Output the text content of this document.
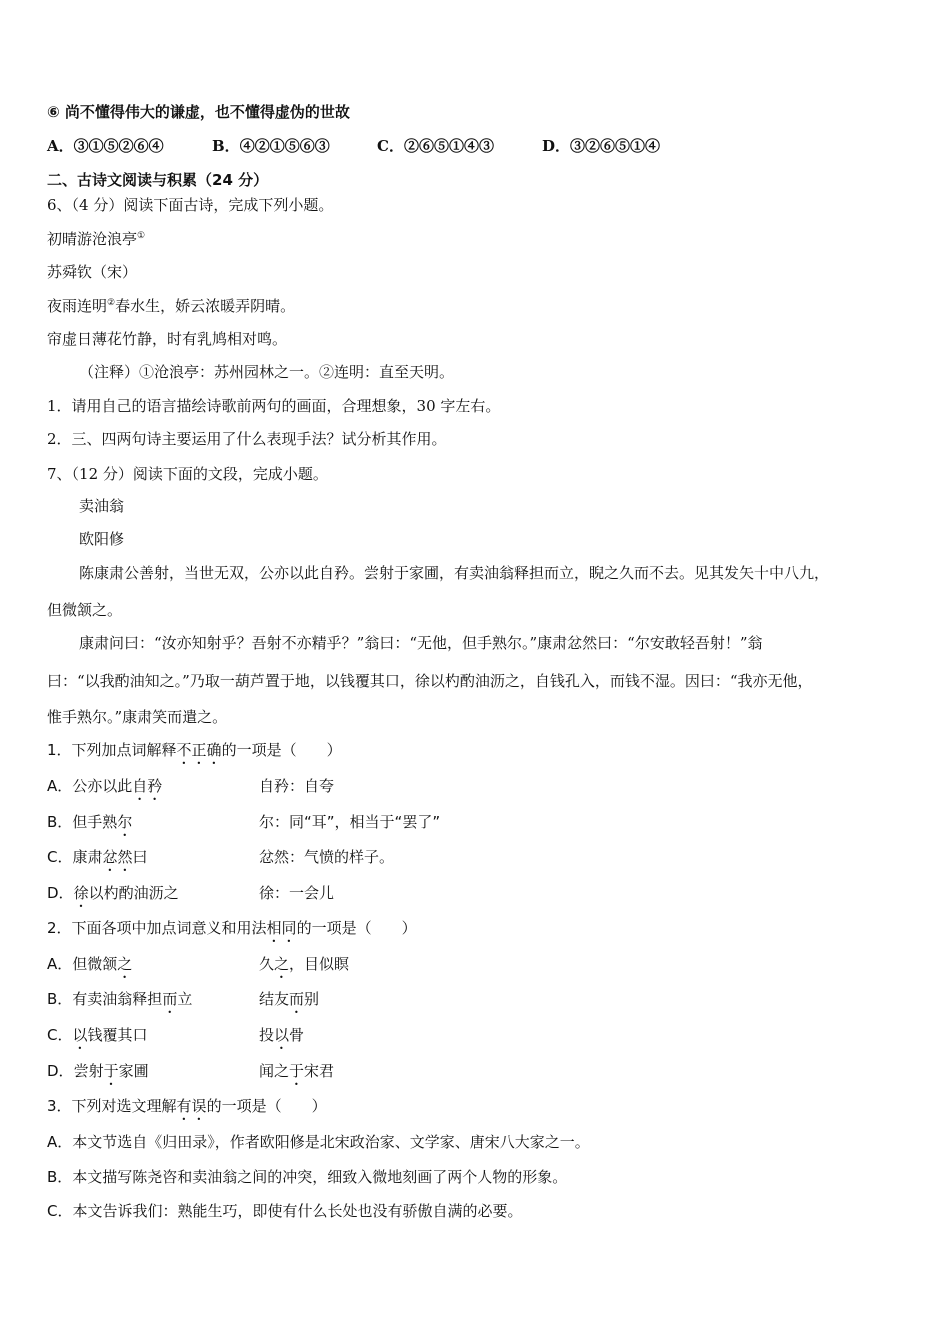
⑥ 尚不懂得伟大的谦虚，也不懂得虚伪的世故
A．③①⑤②⑥④	B．④②①⑤⑥③	C．②⑥⑤①④③	D．③②⑥⑤①④
二、古诗文阅读与积累（24 分）
6、（4 分）阅读下面古诗，完成下列小题。
初晴游沧浪亭①
苏舜钦（宋）
夜雨连明②春水生，娇云浓暖弄阴晴。
帘虚日薄花竹静，时有乳鸠相对鸣。
（注释）①沧浪亭：苏州园林之一。②连明：直至天明。
1．请用自己的语言描绘诗歌前两句的画面，合理想象，30 字左右。
2．三、四两句诗主要运用了什么表现手法？试分析其作用。
7、（12 分）阅读下面的文段，完成小题。
卖油翁
欧阳修
陈康肃公善射，当世无双，公亦以此自矜。尝射于家圃，有卖油翁释担而立，睨之久而不去。见其发矢十中八九，
但微颔之。
康肃问曰：“汝亦知射乎？吾射不亦精乎？”翁曰：“无他，但手熟尔。”康肃忿然曰：“尔安敢轻吾射！”翁
曰：“以我酌油知之。”乃取一葫芦置于地，以钱覆其口，徐以杓酌油沥之，自钱孔入，而钱不湿。因曰：“我亦无他，
惟手熟尔。”康肃笑而遣之。
1．下列加点词解释不正确的一项是（　　）
A．公亦以此自矜	自矜：自夸
B．但手熟尔	尔：同“耳”，相当于“罢了”
C．康肃忿然曰	忿然：气愤的样子。
D．徐以杓酌油沥之	徐：一会儿
2．下面各项中加点词意义和用法相同的一项是（　　）
A．但微颔之	久之，目似瞑
B．有卖油翁释担而立	结友而别
C．以钱覆其口	投以骨
D．尝射于家圃	闻之于宋君
3．下列对选文理解有误的一项是（　　）
A．本文节选自《归田录》，作者欧阳修是北宋政治家、文学家、唐宋八大家之一。
B．本文描写陈尧咨和卖油翁之间的冲突，细致入微地刻画了两个人物的形象。
C．本文告诉我们：熟能生巧，即使有什么长处也没有骄傲自满的必要。
